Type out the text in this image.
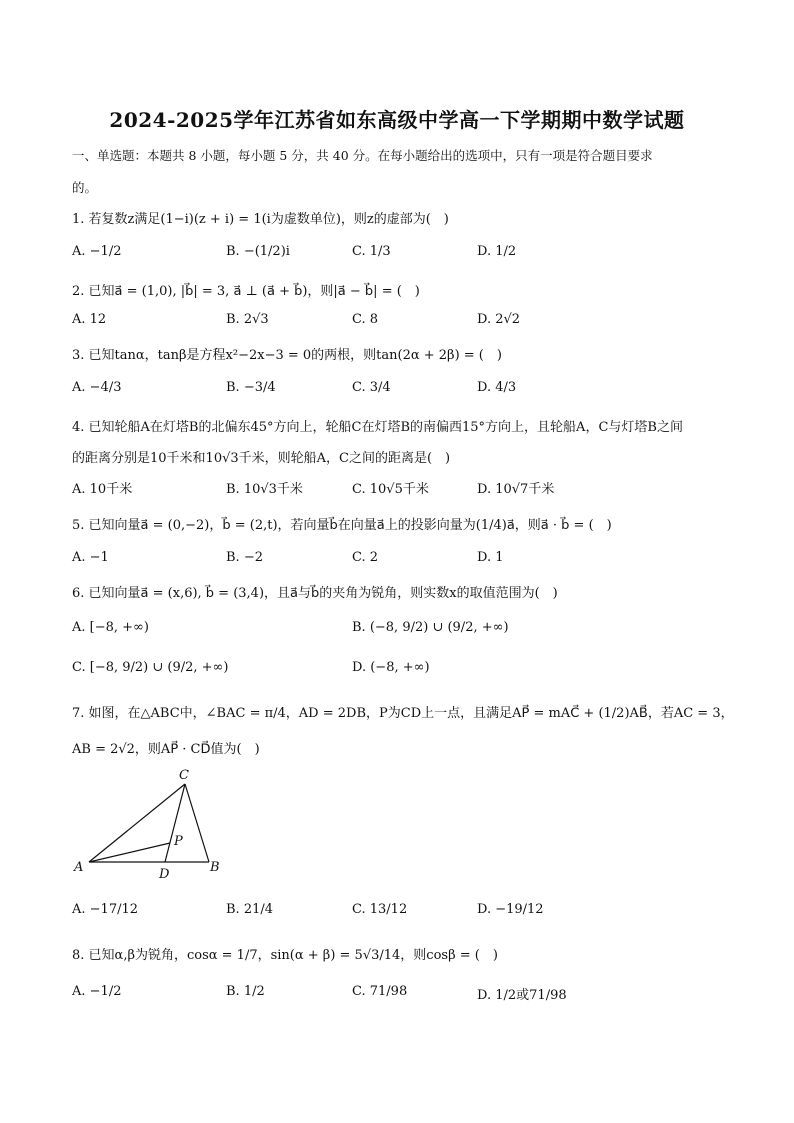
2024-2025学年江苏省如东高级中学高一下学期期中数学试题
一、单选题：本题共 8 小题，每小题 5 分，共 40 分。在每小题给出的选项中，只有一项是符合题目要求
的。
1. 若复数z满足(1−i)(z + i) = 1(i为虚数单位)，则z的虚部为(　)
A. −1/2	B. −(1/2)i	C. 1/3	D. 1/2
2. 已知a⃗ = (1,0), |b⃗| = 3, a⃗ ⊥ (a⃗ + b⃗)，则|a⃗ − b⃗| = (　)
A. 12	B. 2√3	C. 8	D. 2√2
3. 已知tanα，tanβ是方程x²−2x−3 = 0的两根，则tan(2α + 2β) = (　)
A. −4/3	B. −3/4	C. 3/4	D. 4/3
4. 已知轮船A在灯塔B的北偏东45°方向上，轮船C在灯塔B的南偏西15°方向上，且轮船A，C与灯塔B之间
的距离分别是10千米和10√3千米，则轮船A，C之间的距离是(　)
A. 10千米	B. 10√3千米	C. 10√5千米	D. 10√7千米
5. 已知向量a⃗ = (0,−2)，b⃗ = (2,t)，若向量b⃗在向量a⃗上的投影向量为(1/4)a⃗，则a⃗ · b⃗ = (　)
A. −1	B. −2	C. 2	D. 1
6. 已知向量a⃗ = (x,6), b⃗ = (3,4)，且a⃗与b⃗的夹角为锐角，则实数x的取值范围为(　)
A. [−8, +∞)	B. (−8, 9/2) ∪ (9/2, +∞)
C. [−8, 9/2) ∪ (9/2, +∞)	D. (−8, +∞)
7. 如图，在△ABC中，∠BAC = π/4，AD = 2DB，P为CD上一点，且满足AP⃗ = mAC⃗ + (1/2)AB⃗，若AC = 3，
AB = 2√2，则AP⃗ · CD⃗值为(　)
C
P
A	D	B
A. −17/12	B. 21/4	C. 13/12	D. −19/12
8. 已知α,β为锐角，cosα = 1/7，sin(α + β) = 5√3/14，则cosβ = (　)
A. −1/2	B. 1/2	C. 71/98	D. 1/2或71/98
